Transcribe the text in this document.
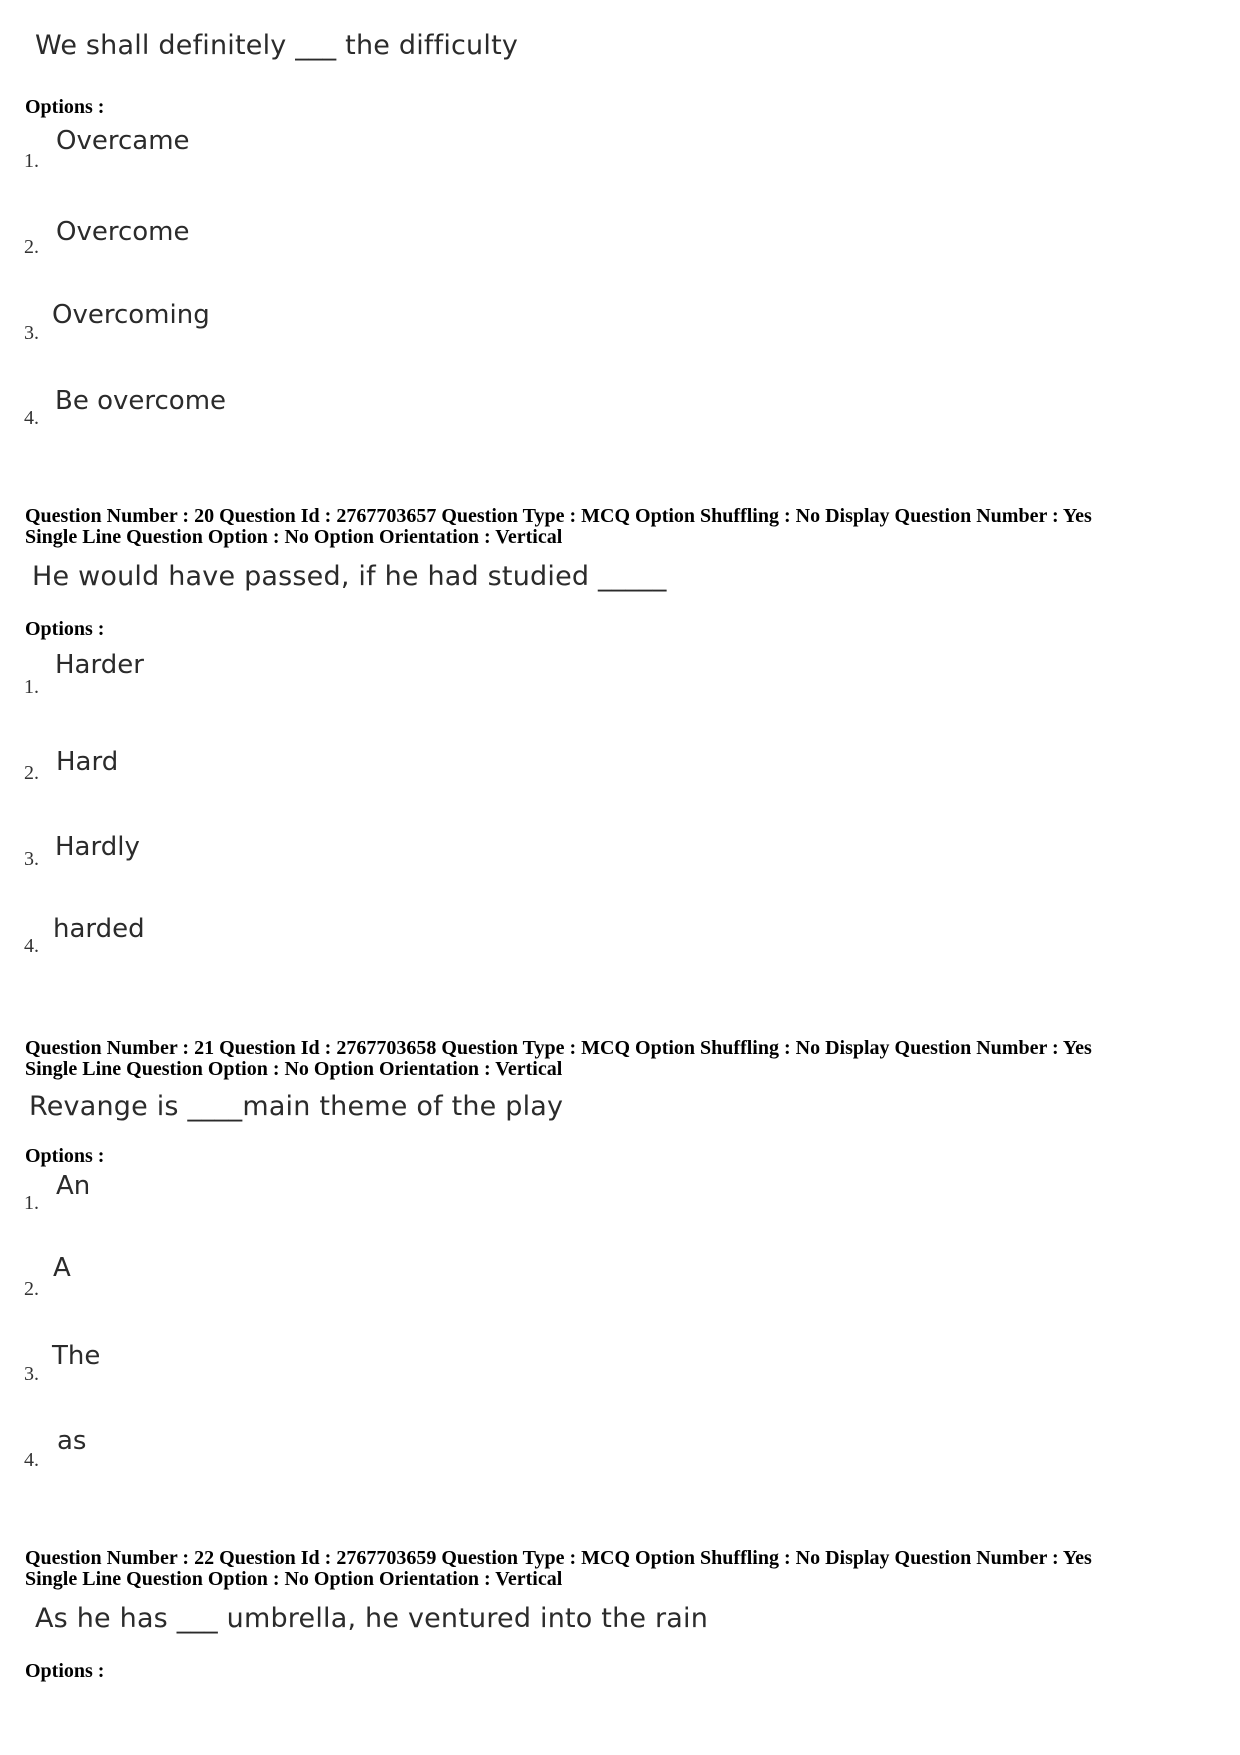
We shall definitely ___ the difficulty
Options :
1.
Overcame
2. Overcome
3.
Overcoming
4.
Be overcome
Question Number : 20 Question Id : 2767703657 Question Type : MCQ Option Shuffling : No Display Question Number : Yes
Single Line Question Option : No Option Orientation : Vertical
He would have passed, if he had studied _____
Options :
1.
Harder
2. Hard
3. Hardly
4.
harded
Question Number : 21 Question Id : 2767703658 Question Type : MCQ Option Shuffling : No Display Question Number : Yes
Single Line Question Option : No Option Orientation : Vertical
Revange is ____main theme of the play
Options :
1.
An
2.
A
3.
The
4.
as
Question Number : 22 Question Id : 2767703659 Question Type : MCQ Option Shuffling : No Display Question Number : Yes
Single Line Question Option : No Option Orientation : Vertical
As he has ___ umbrella, he ventured into the rain
Options :
